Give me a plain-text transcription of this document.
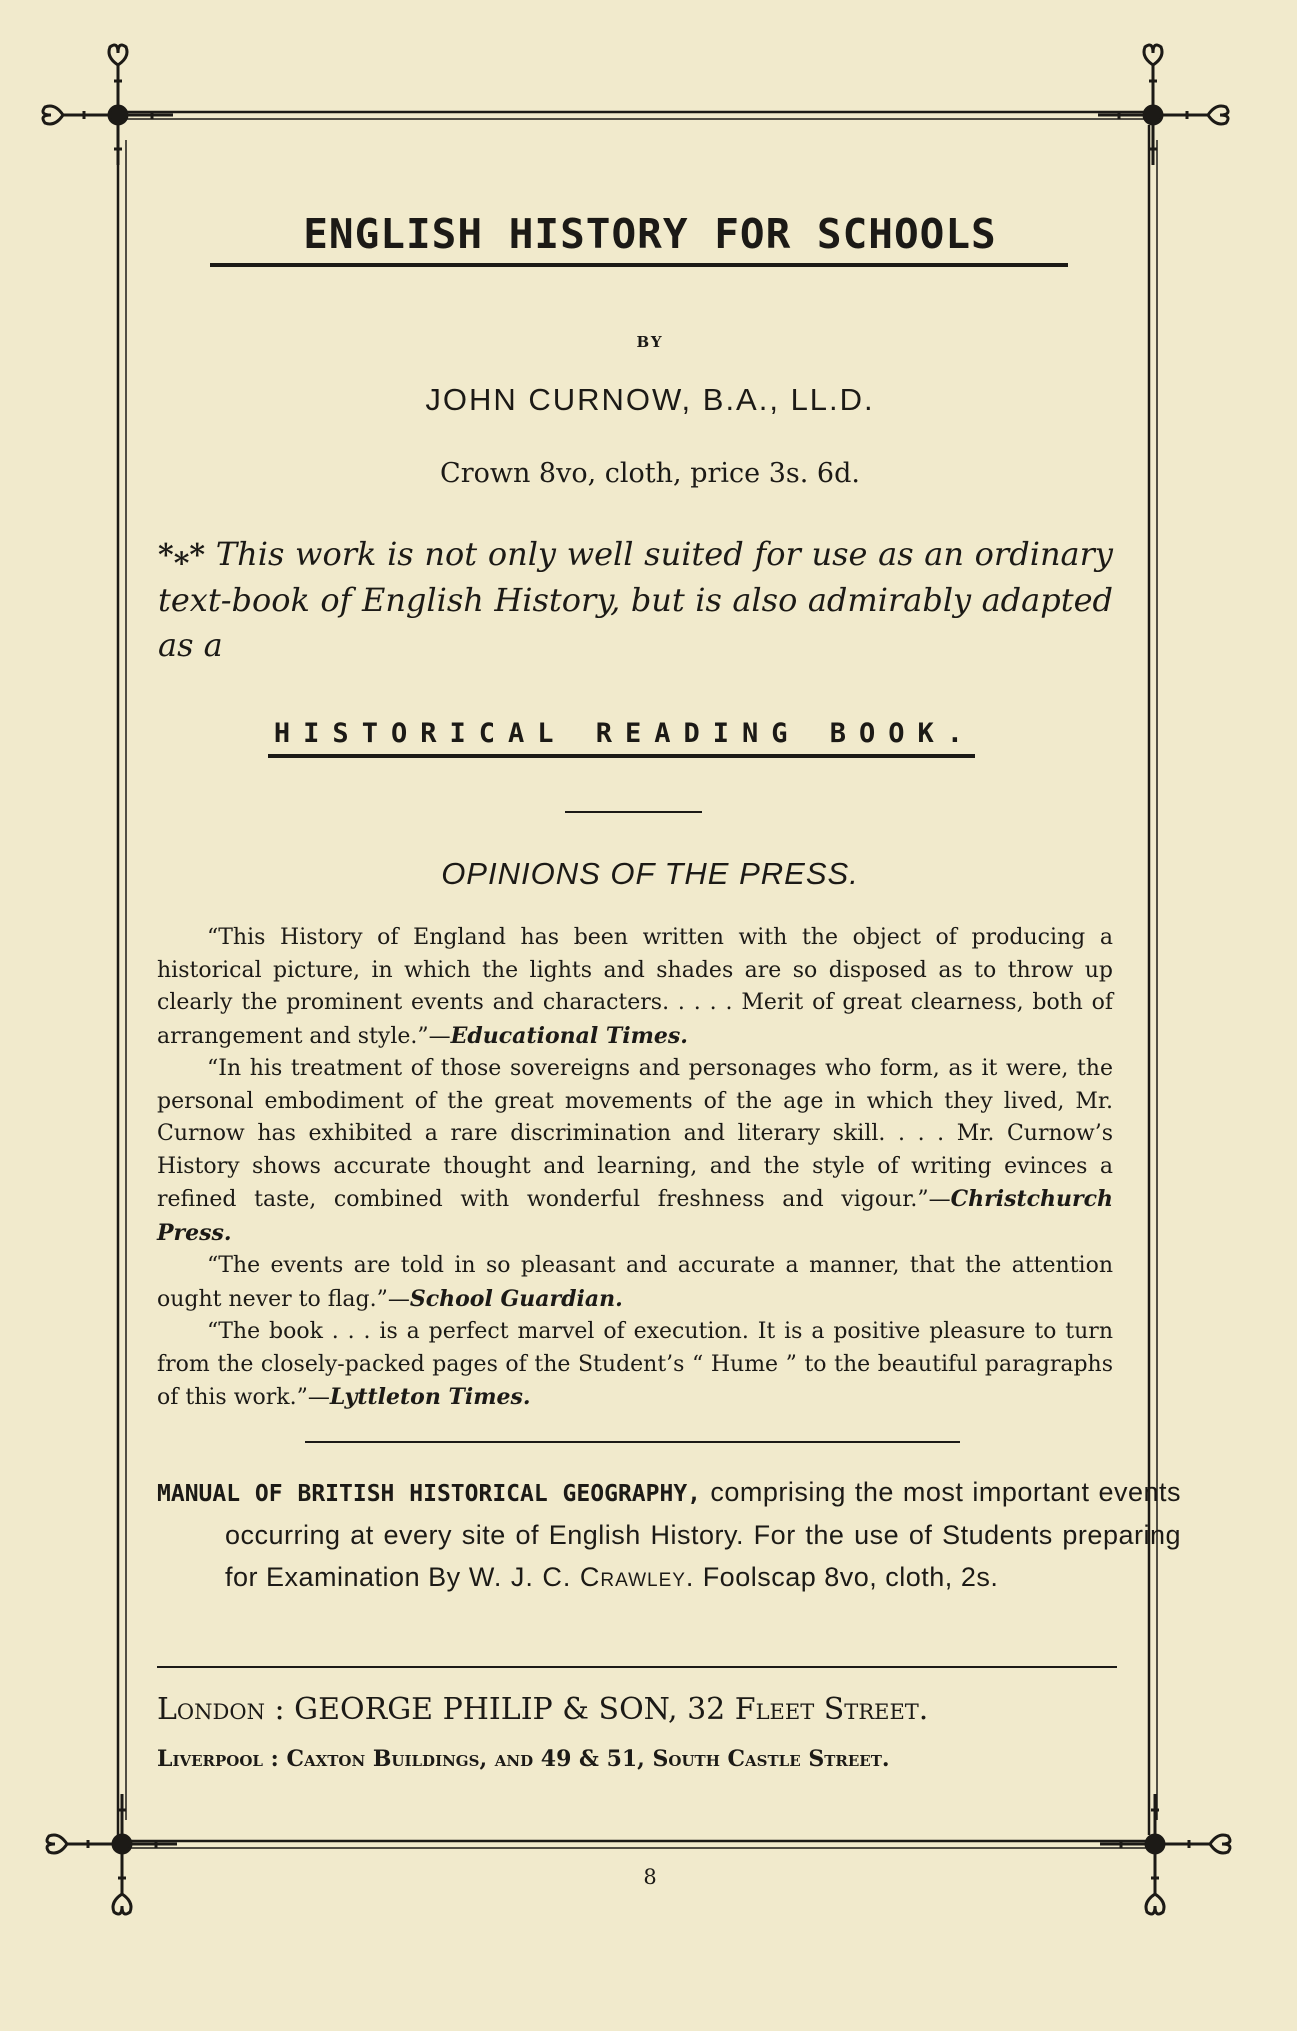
ENGLISH HISTORY FOR SCHOOLS
BY
JOHN CURNOW, B.A., LL.D.
Crown 8vo, cloth, price 3s. 6d.
*⁎* This work is not only well suited for use as an ordinary text-book of English History, but is also admirably adapted as a
HISTORICAL READING BOOK.
OPINIONS OF THE PRESS.

“This History of England has been written with the object of producing a historical picture, in which the lights and shades are so disposed as to throw up clearly the prominent events and characters. . . . . Merit of great clearness, both of arrangement and style.”—Educational Times.

“In his treatment of those sovereigns and personages who form, as it were, the personal embodiment of the great movements of the age in which they lived, Mr. Curnow has exhibited a rare discrimination and literary skill. . . . Mr. Curnow’s History shows accurate thought and learning, and the style of writing evinces a refined taste, combined with wonderful freshness and vigour.”—Christchurch Press.

“The events are told in so pleasant and accurate a manner, that the attention ought never to flag.”—School Guardian.

“The book . . . is a perfect marvel of execution. It is a positive pleasure to turn from the closely-packed pages of the Student’s “ Hume ” to the beautiful paragraphs of this work.”—Lyttleton Times.

MANUAL OF BRITISH HISTORICAL GEOGRAPHY, comprising the most important events occurring at every site of English History. For the use of Students preparing for Examination By W. J. C. Crawley. Foolscap 8vo, cloth, 2s.
London : GEORGE PHILIP & SON, 32 Fleet Street.
Liverpool : Caxton Buildings, and 49 & 51, South Castle Street.
8
